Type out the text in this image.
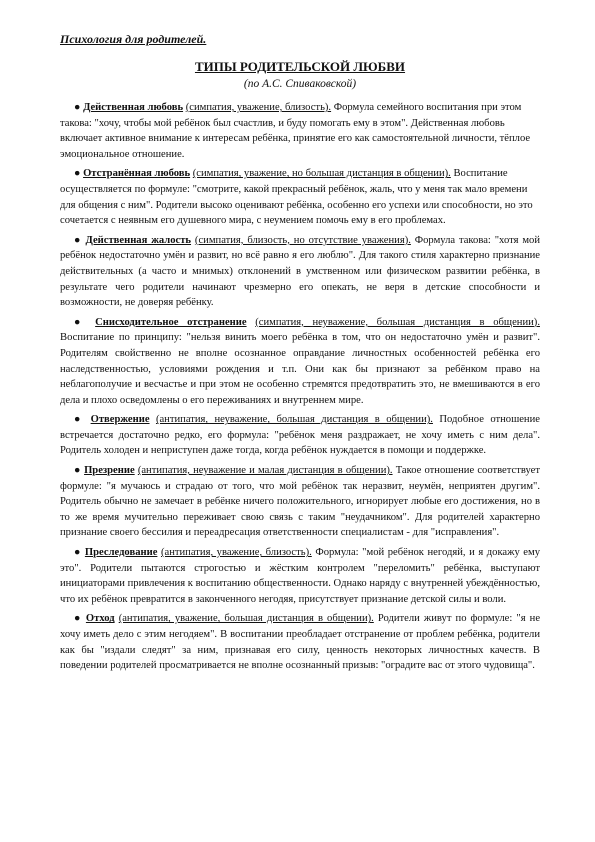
Психология для родителей.

ТИПЫ РОДИТЕЛЬСКОЙ ЛЮБВИ

(по А.С. Спиваковской)

● Действенная любовь (симпатия, уважение, близость). Формула семейного воспитания при этом такова: "хочу, чтобы мой ребёнок был счастлив, и буду помогать ему в этом". Действенная любовь включает активное внимание к интересам ребёнка, принятие его как самостоятельной личности, тёплое эмоциональное отношение.

● Отстранённая любовь (симпатия, уважение, но большая дистанция в общении). Воспитание осуществляется по формуле: "смотрите, какой прекрасный ребёнок, жаль, что у меня так мало времени для общения с ним". Родители высоко оценивают ребёнка, особенно его успехи или способности, но это сочетается с неявным его душевного мира, с неумением помочь ему в его проблемах.

● Действенная жалость (симпатия, близость, но отсутствие уважения). Формула такова: "хотя мой ребёнок недостаточно умён и развит, но всё равно я его люблю". Для такого стиля характерно признание действительных (а часто и мнимых) отклонений в умственном или физическом развитии ребёнка, в результате чего родители начинают чрезмерно его опекать, не веря в детские способности и возможности, не доверяя ребёнку.

● Снисходительное отстранение (симпатия, неуважение, большая дистанция в общении). Воспитание по принципу: "нельзя винить моего ребёнка в том, что он недостаточно умён и развит". Родителям свойственно не вполне осознанное оправдание личностных особенностей ребёнка его наследственностью, условиями рождения и т.п. Они как бы признают за ребёнком право на неблагополучие и весчастье и при этом не особенно стремятся предотвратить это, не вмешиваются в его дела и плохо осведомлены о его переживаниях и внутреннем мире.

● Отвержение (антипатия, неуважение, большая дистанция в общении). Подобное отношение встречается достаточно редко, его формула: "ребёнок меня раздражает, не хочу иметь с ним дела". Родитель холоден и неприступен даже тогда, когда ребёнок нуждается в помощи и поддержке.

● Презрение (антипатия, неуважение и малая дистанция в общении). Такое отношение соответствует формуле: "я мучаюсь и страдаю от того, что мой ребёнок так неразвит, неумён, неприятен другим". Родитель обычно не замечает в ребёнке ничего положительного, игнорирует любые его достижения, но в то же время мучительно переживает свою связь с таким "неудачником". Для родителей характерно признание своего бессилия и переадресация ответственности специалистам - для "исправления".

● Преследование (антипатия, уважение, близость). Формула: "мой ребёнок негодяй, и я докажу ему это". Родители пытаются строгостью и жёстким контролем "переломить" ребёнка, выступают инициаторами привлечения к воспитанию общественности. Однако наряду с внутренней убеждённостью, что их ребёнок превратится в законченного негодяя, присутствует признание детской силы и воли.

● Отход (антипатия, уважение, большая дистанция в общении). Родители живут по формуле: "я не хочу иметь дело с этим негодяем". В воспитании преобладает отстранение от проблем ребёнка, родители как бы "издали следят" за ним, признавая его силу, ценность некоторых личностных качеств. В поведении родителей просматривается не вполне осознанный призыв: "оградите вас от этого чудовища".
